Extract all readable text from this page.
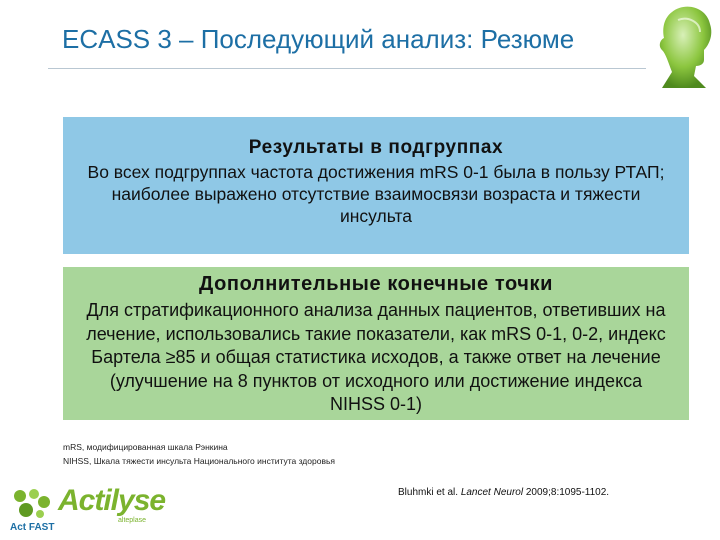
ECASS 3 – Последующий анализ: Резюме
Результаты в подгруппах

Во всех подгруппах частота достижения mRS 0-1 была в пользу РТАП; наиболее выражено отсутствие взаимосвязи возраста и тяжести инсульта

Дополнительные конечные точки

Для стратификационного анализа данных пациентов, ответивших на лечение, использовались такие показатели, как mRS 0-1, 0-2, индекс Бартела ≥85 и общая статистика исходов, а также ответ на лечение (улучшение на 8 пунктов от исходного или достижение индекса NIHSS 0-1)

mRS, модифицированная шкала Рэнкина
NIHSS, Шкала тяжести инсульта Национального института здоровья
Bluhmki et al. Lancet Neurol 2009;8:1095-1102.
Actilyse
alteplase
Act FAST
